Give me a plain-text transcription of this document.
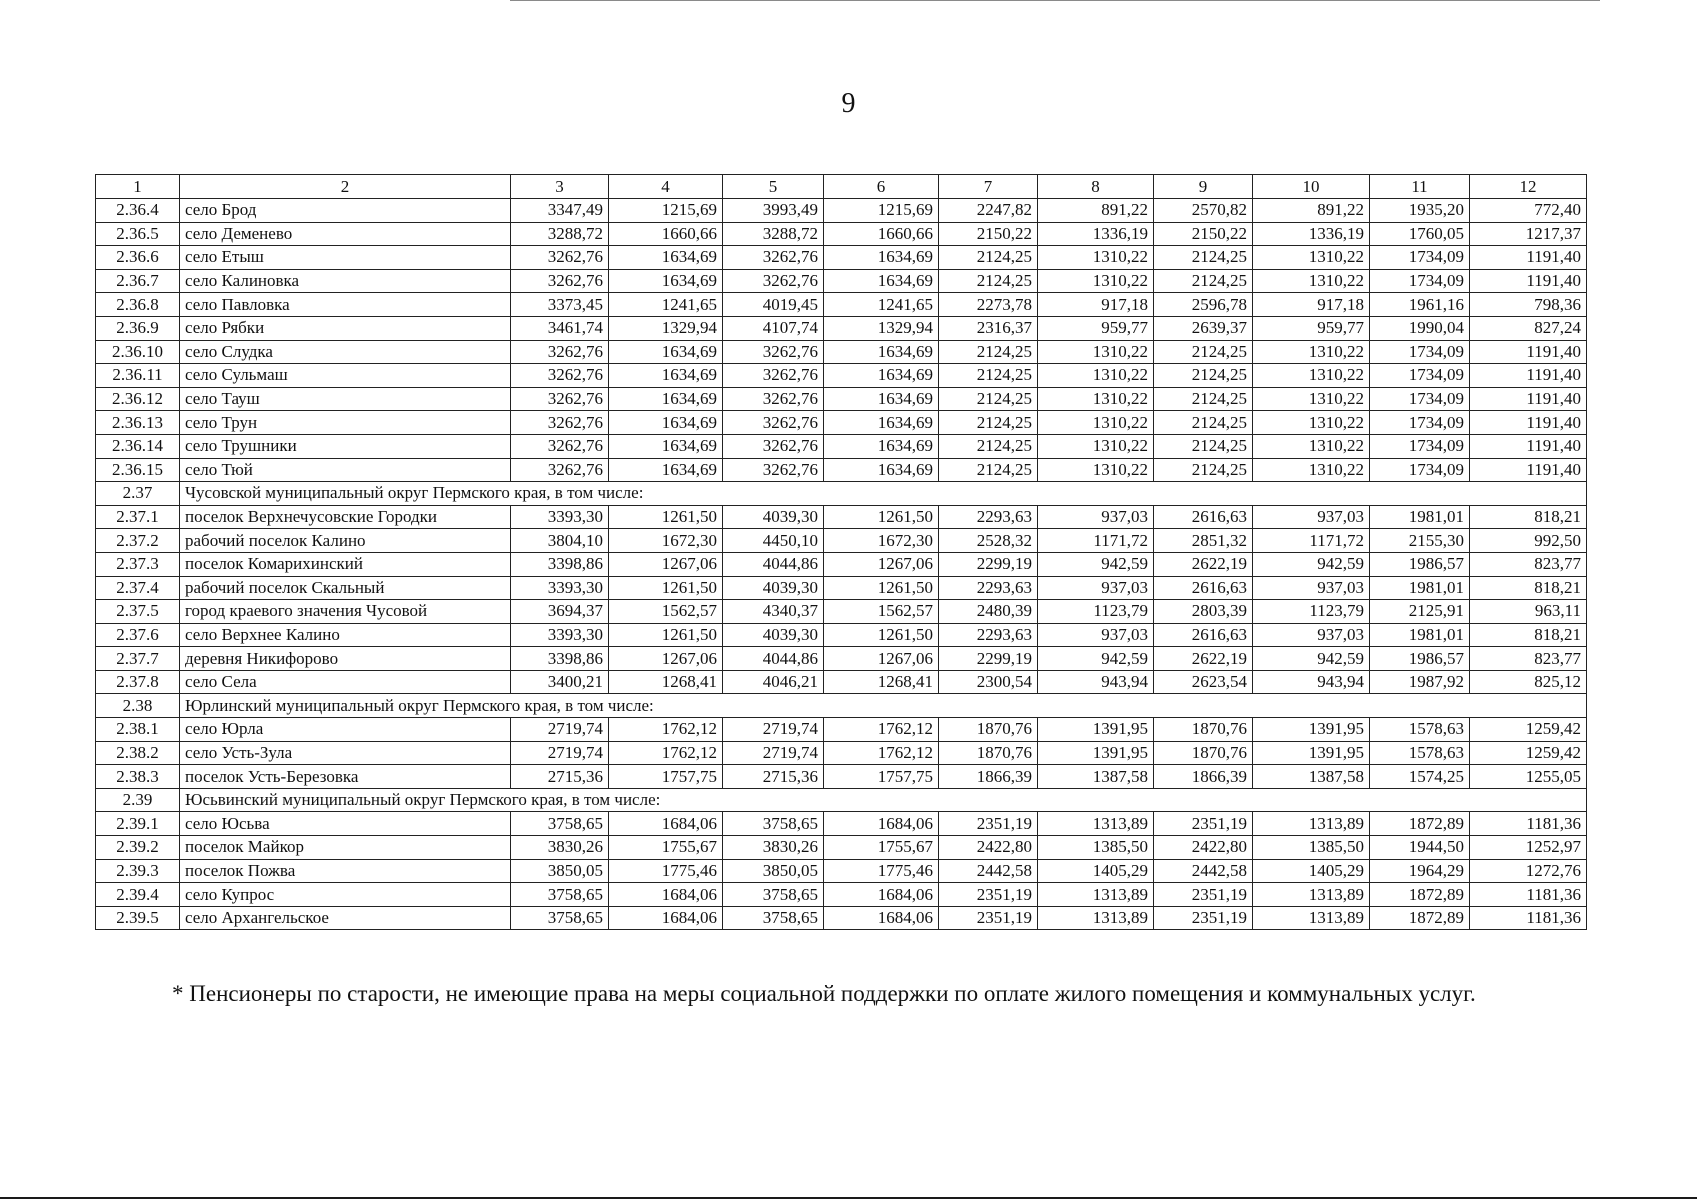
9
1	2	3	4	5	6	7	8	9	10	11	12
2.36.4	село Брод	3347,49	1215,69	3993,49	1215,69	2247,82	891,22	2570,82	891,22	1935,20	772,40
2.36.5	село Деменево	3288,72	1660,66	3288,72	1660,66	2150,22	1336,19	2150,22	1336,19	1760,05	1217,37
2.36.6	село Етыш	3262,76	1634,69	3262,76	1634,69	2124,25	1310,22	2124,25	1310,22	1734,09	1191,40
2.36.7	село Калиновка	3262,76	1634,69	3262,76	1634,69	2124,25	1310,22	2124,25	1310,22	1734,09	1191,40
2.36.8	село Павловка	3373,45	1241,65	4019,45	1241,65	2273,78	917,18	2596,78	917,18	1961,16	798,36
2.36.9	село Рябки	3461,74	1329,94	4107,74	1329,94	2316,37	959,77	2639,37	959,77	1990,04	827,24
2.36.10	село Слудка	3262,76	1634,69	3262,76	1634,69	2124,25	1310,22	2124,25	1310,22	1734,09	1191,40
2.36.11	село Сульмаш	3262,76	1634,69	3262,76	1634,69	2124,25	1310,22	2124,25	1310,22	1734,09	1191,40
2.36.12	село Тауш	3262,76	1634,69	3262,76	1634,69	2124,25	1310,22	2124,25	1310,22	1734,09	1191,40
2.36.13	село Трун	3262,76	1634,69	3262,76	1634,69	2124,25	1310,22	2124,25	1310,22	1734,09	1191,40
2.36.14	село Трушники	3262,76	1634,69	3262,76	1634,69	2124,25	1310,22	2124,25	1310,22	1734,09	1191,40
2.36.15	село Тюй	3262,76	1634,69	3262,76	1634,69	2124,25	1310,22	2124,25	1310,22	1734,09	1191,40
2.37	Чусовской муниципальный округ Пермского края, в том числе:										
2.37.1	поселок Верхнечусовские Городки	3393,30	1261,50	4039,30	1261,50	2293,63	937,03	2616,63	937,03	1981,01	818,21
2.37.2	рабочий поселок Калино	3804,10	1672,30	4450,10	1672,30	2528,32	1171,72	2851,32	1171,72	2155,30	992,50
2.37.3	поселок Комарихинский	3398,86	1267,06	4044,86	1267,06	2299,19	942,59	2622,19	942,59	1986,57	823,77
2.37.4	рабочий поселок Скальный	3393,30	1261,50	4039,30	1261,50	2293,63	937,03	2616,63	937,03	1981,01	818,21
2.37.5	город краевого значения Чусовой	3694,37	1562,57	4340,37	1562,57	2480,39	1123,79	2803,39	1123,79	2125,91	963,11
2.37.6	село Верхнее Калино	3393,30	1261,50	4039,30	1261,50	2293,63	937,03	2616,63	937,03	1981,01	818,21
2.37.7	деревня Никифорово	3398,86	1267,06	4044,86	1267,06	2299,19	942,59	2622,19	942,59	1986,57	823,77
2.37.8	село Села	3400,21	1268,41	4046,21	1268,41	2300,54	943,94	2623,54	943,94	1987,92	825,12
2.38	Юрлинский муниципальный округ Пермского края, в том числе:										
2.38.1	село Юрла	2719,74	1762,12	2719,74	1762,12	1870,76	1391,95	1870,76	1391,95	1578,63	1259,42
2.38.2	село Усть-Зула	2719,74	1762,12	2719,74	1762,12	1870,76	1391,95	1870,76	1391,95	1578,63	1259,42
2.38.3	поселок Усть-Березовка	2715,36	1757,75	2715,36	1757,75	1866,39	1387,58	1866,39	1387,58	1574,25	1255,05
2.39	Юсьвинский муниципальный округ Пермского края, в том числе:										
2.39.1	село Юсьва	3758,65	1684,06	3758,65	1684,06	2351,19	1313,89	2351,19	1313,89	1872,89	1181,36
2.39.2	поселок Майкор	3830,26	1755,67	3830,26	1755,67	2422,80	1385,50	2422,80	1385,50	1944,50	1252,97
2.39.3	поселок Пожва	3850,05	1775,46	3850,05	1775,46	2442,58	1405,29	2442,58	1405,29	1964,29	1272,76
2.39.4	село Купрос	3758,65	1684,06	3758,65	1684,06	2351,19	1313,89	2351,19	1313,89	1872,89	1181,36
2.39.5	село Архангельское	3758,65	1684,06	3758,65	1684,06	2351,19	1313,89	2351,19	1313,89	1872,89	1181,36
* Пенсионеры по старости, не имеющие права на меры социальной поддержки по оплате жилого помещения и коммунальных услуг.
